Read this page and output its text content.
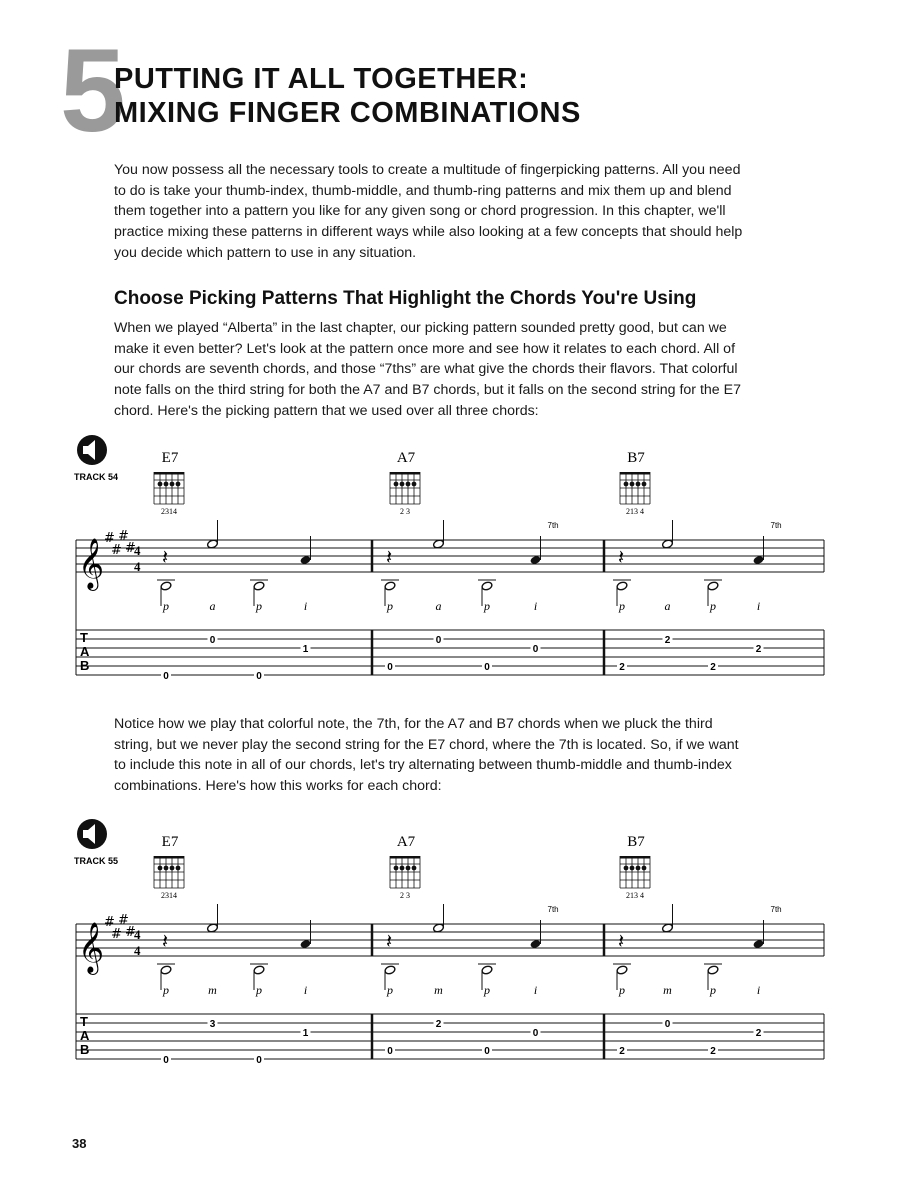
5
PUTTING IT ALL TOGETHER:
MIXING FINGER COMBINATIONS
You now possess all the necessary tools to create a multitude of fingerpicking patterns. All you need
to do is take your thumb-index, thumb-middle, and thumb-ring patterns and mix them up and blend
them together into a pattern you like for any given song or chord progression. In this chapter, we'll
practice mixing these patterns in different ways while also looking at a few concepts that should help
you decide which pattern to use in any situation.
Choose Picking Patterns That Highlight the Chords You're Using
When we played “Alberta” in the last chapter, our picking pattern sounded pretty good, but can we
make it even better? Let's look at the pattern once more and see how it relates to each chord. All of
our chords are seventh chords, and those “7ths” are what give the chords their flavors. That colorful
note falls on the third string for both the A7 and B7 chords, but it falls on the second string for the E7
chord. Here's the picking pattern that we used over all three chords:
TRACK 54
E7
2314
A7
2 3
B7
213 4
𝄞 #
#
#
#
4
4
T
A
B
𝄽
p
0
a
0
p
0
i
1
𝄽
p
0
a
0
p
0
7th
i
0
𝄽
p
2
a
2
p
2
7th
i
2
Notice how we play that colorful note, the 7th, for the A7 and B7 chords when we pluck the third
string, but we never play the second string for the E7 chord, where the 7th is located. So, if we want
to include this note in all of our chords, let's try alternating between thumb-middle and thumb-index
combinations. Here's how this works for each chord:
TRACK 55
E7
2314
A7
2 3
B7
213 4
𝄞 #
#
#
#
4
4
T
A
B
𝄽
p
0
m
3
p
0
i
1
𝄽
p
0
m
2
p
0
7th
i
0
𝄽
p
2
m
0
p
2
7th
i
2
38
